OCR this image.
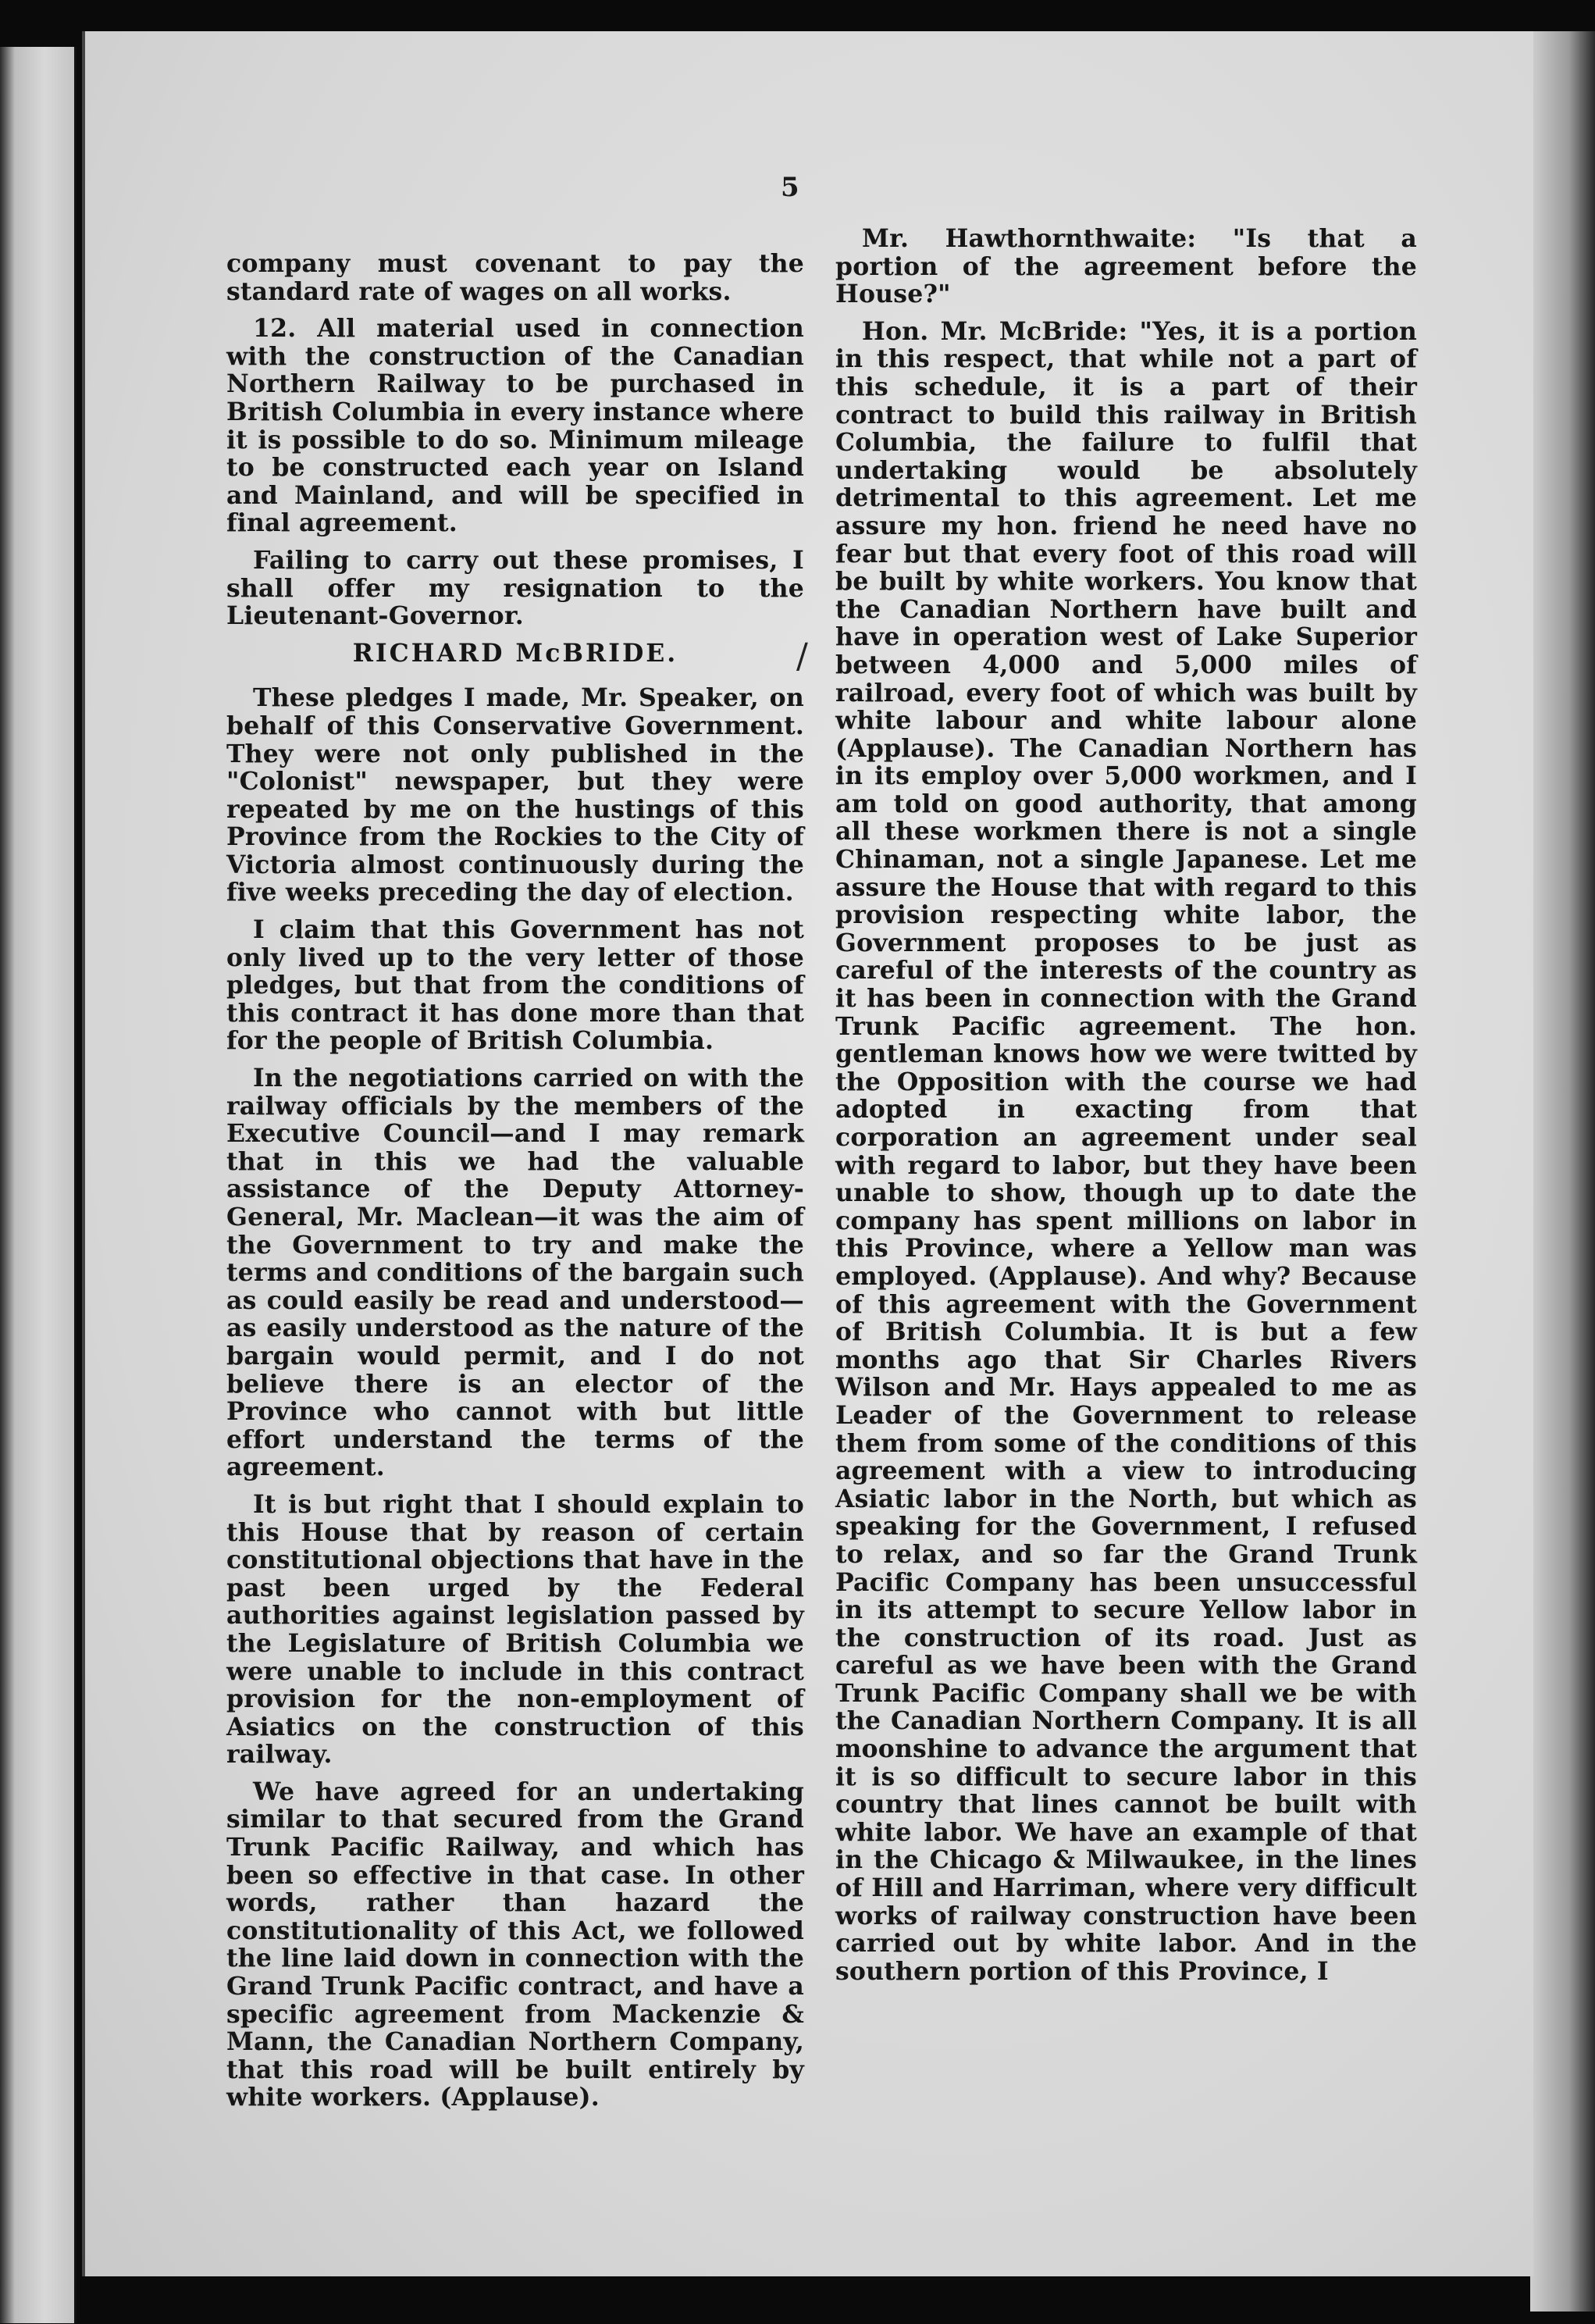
5

company must covenant to pay the standard rate of wages on all works.

12. All material used in connection with the construction of the Canadian Northern Railway to be purchased in British Columbia in every instance where it is possible to do so. Minimum mileage to be constructed each year on Island and Mainland, and will be specified in final agreement.

Failing to carry out these promises, I shall offer my resignation to the Lieutenant-Governor.

RICHARD McBRIDE.

These pledges I made, Mr. Speaker, on behalf of this Conservative Government. They were not only published in the "Colonist" newspaper, but they were repeated by me on the hustings of this Province from the Rockies to the City of Victoria almost continuously during the five weeks preceding the day of election.

I claim that this Government has not only lived up to the very letter of those pledges, but that from the conditions of this contract it has done more than that for the people of British Columbia.

In the negotiations carried on with the railway officials by the members of the Executive Council—and I may remark that in this we had the valuable assistance of the Deputy Attorney-General, Mr. Maclean—it was the aim of the Government to try and make the terms and conditions of the bargain such as could easily be read and understood—as easily understood as the nature of the bargain would permit, and I do not believe there is an elector of the Province who cannot with but little effort understand the terms of the agreement.

It is but right that I should explain to this House that by reason of certain constitutional objections that have in the past been urged by the Federal authorities against legislation passed by the Legislature of British Columbia we were unable to include in this contract provision for the non-employment of Asiatics on the construction of this railway.

We have agreed for an undertaking similar to that secured from the Grand Trunk Pacific Railway, and which has been so effective in that case. In other words, rather than hazard the constitutionality of this Act, we followed the line laid down in connection with the Grand Trunk Pacific contract, and have a specific agreement from Mackenzie & Mann, the Canadian Northern Company, that this road will be built entirely by white workers. (Applause).

/

Mr. Hawthornthwaite: "Is that a portion of the agreement before the House?"

Hon. Mr. McBride: "Yes, it is a portion in this respect, that while not a part of this schedule, it is a part of their contract to build this railway in British Columbia, the failure to fulfil that undertaking would be absolutely detrimental to this agreement. Let me assure my hon. friend he need have no fear but that every foot of this road will be built by white workers. You know that the Canadian Northern have built and have in operation west of Lake Superior between 4,000 and 5,000 miles of railroad, every foot of which was built by white labour and white labour alone (Applause). The Canadian Northern has in its employ over 5,000 workmen, and I am told on good authority, that among all these workmen there is not a single Chinaman, not a single Japanese. Let me assure the House that with regard to this provision respecting white labor, the Government proposes to be just as careful of the interests of the country as it has been in connection with the Grand Trunk Pacific agreement. The hon. gentleman knows how we were twitted by the Opposition with the course we had adopted in exacting from that corporation an agreement under seal with regard to labor, but they have been unable to show, though up to date the company has spent millions on labor in this Province, where a Yellow man was employed. (Applause). And why? Because of this agreement with the Government of British Columbia. It is but a few months ago that Sir Charles Rivers Wilson and Mr. Hays appealed to me as Leader of the Government to release them from some of the conditions of this agreement with a view to introducing Asiatic labor in the North, but which as speaking for the Government, I refused to relax, and so far the Grand Trunk Pacific Company has been unsuccessful in its attempt to secure Yellow labor in the construction of its road. Just as careful as we have been with the Grand Trunk Pacific Company shall we be with the Canadian Northern Company. It is all moonshine to advance the argument that it is so difficult to secure labor in this country that lines cannot be built with white labor. We have an example of that in the Chicago & Milwaukee, in the lines of Hill and Harriman, where very difficult works of railway construction have been carried out by white labor. And in the southern portion of this Province, I
